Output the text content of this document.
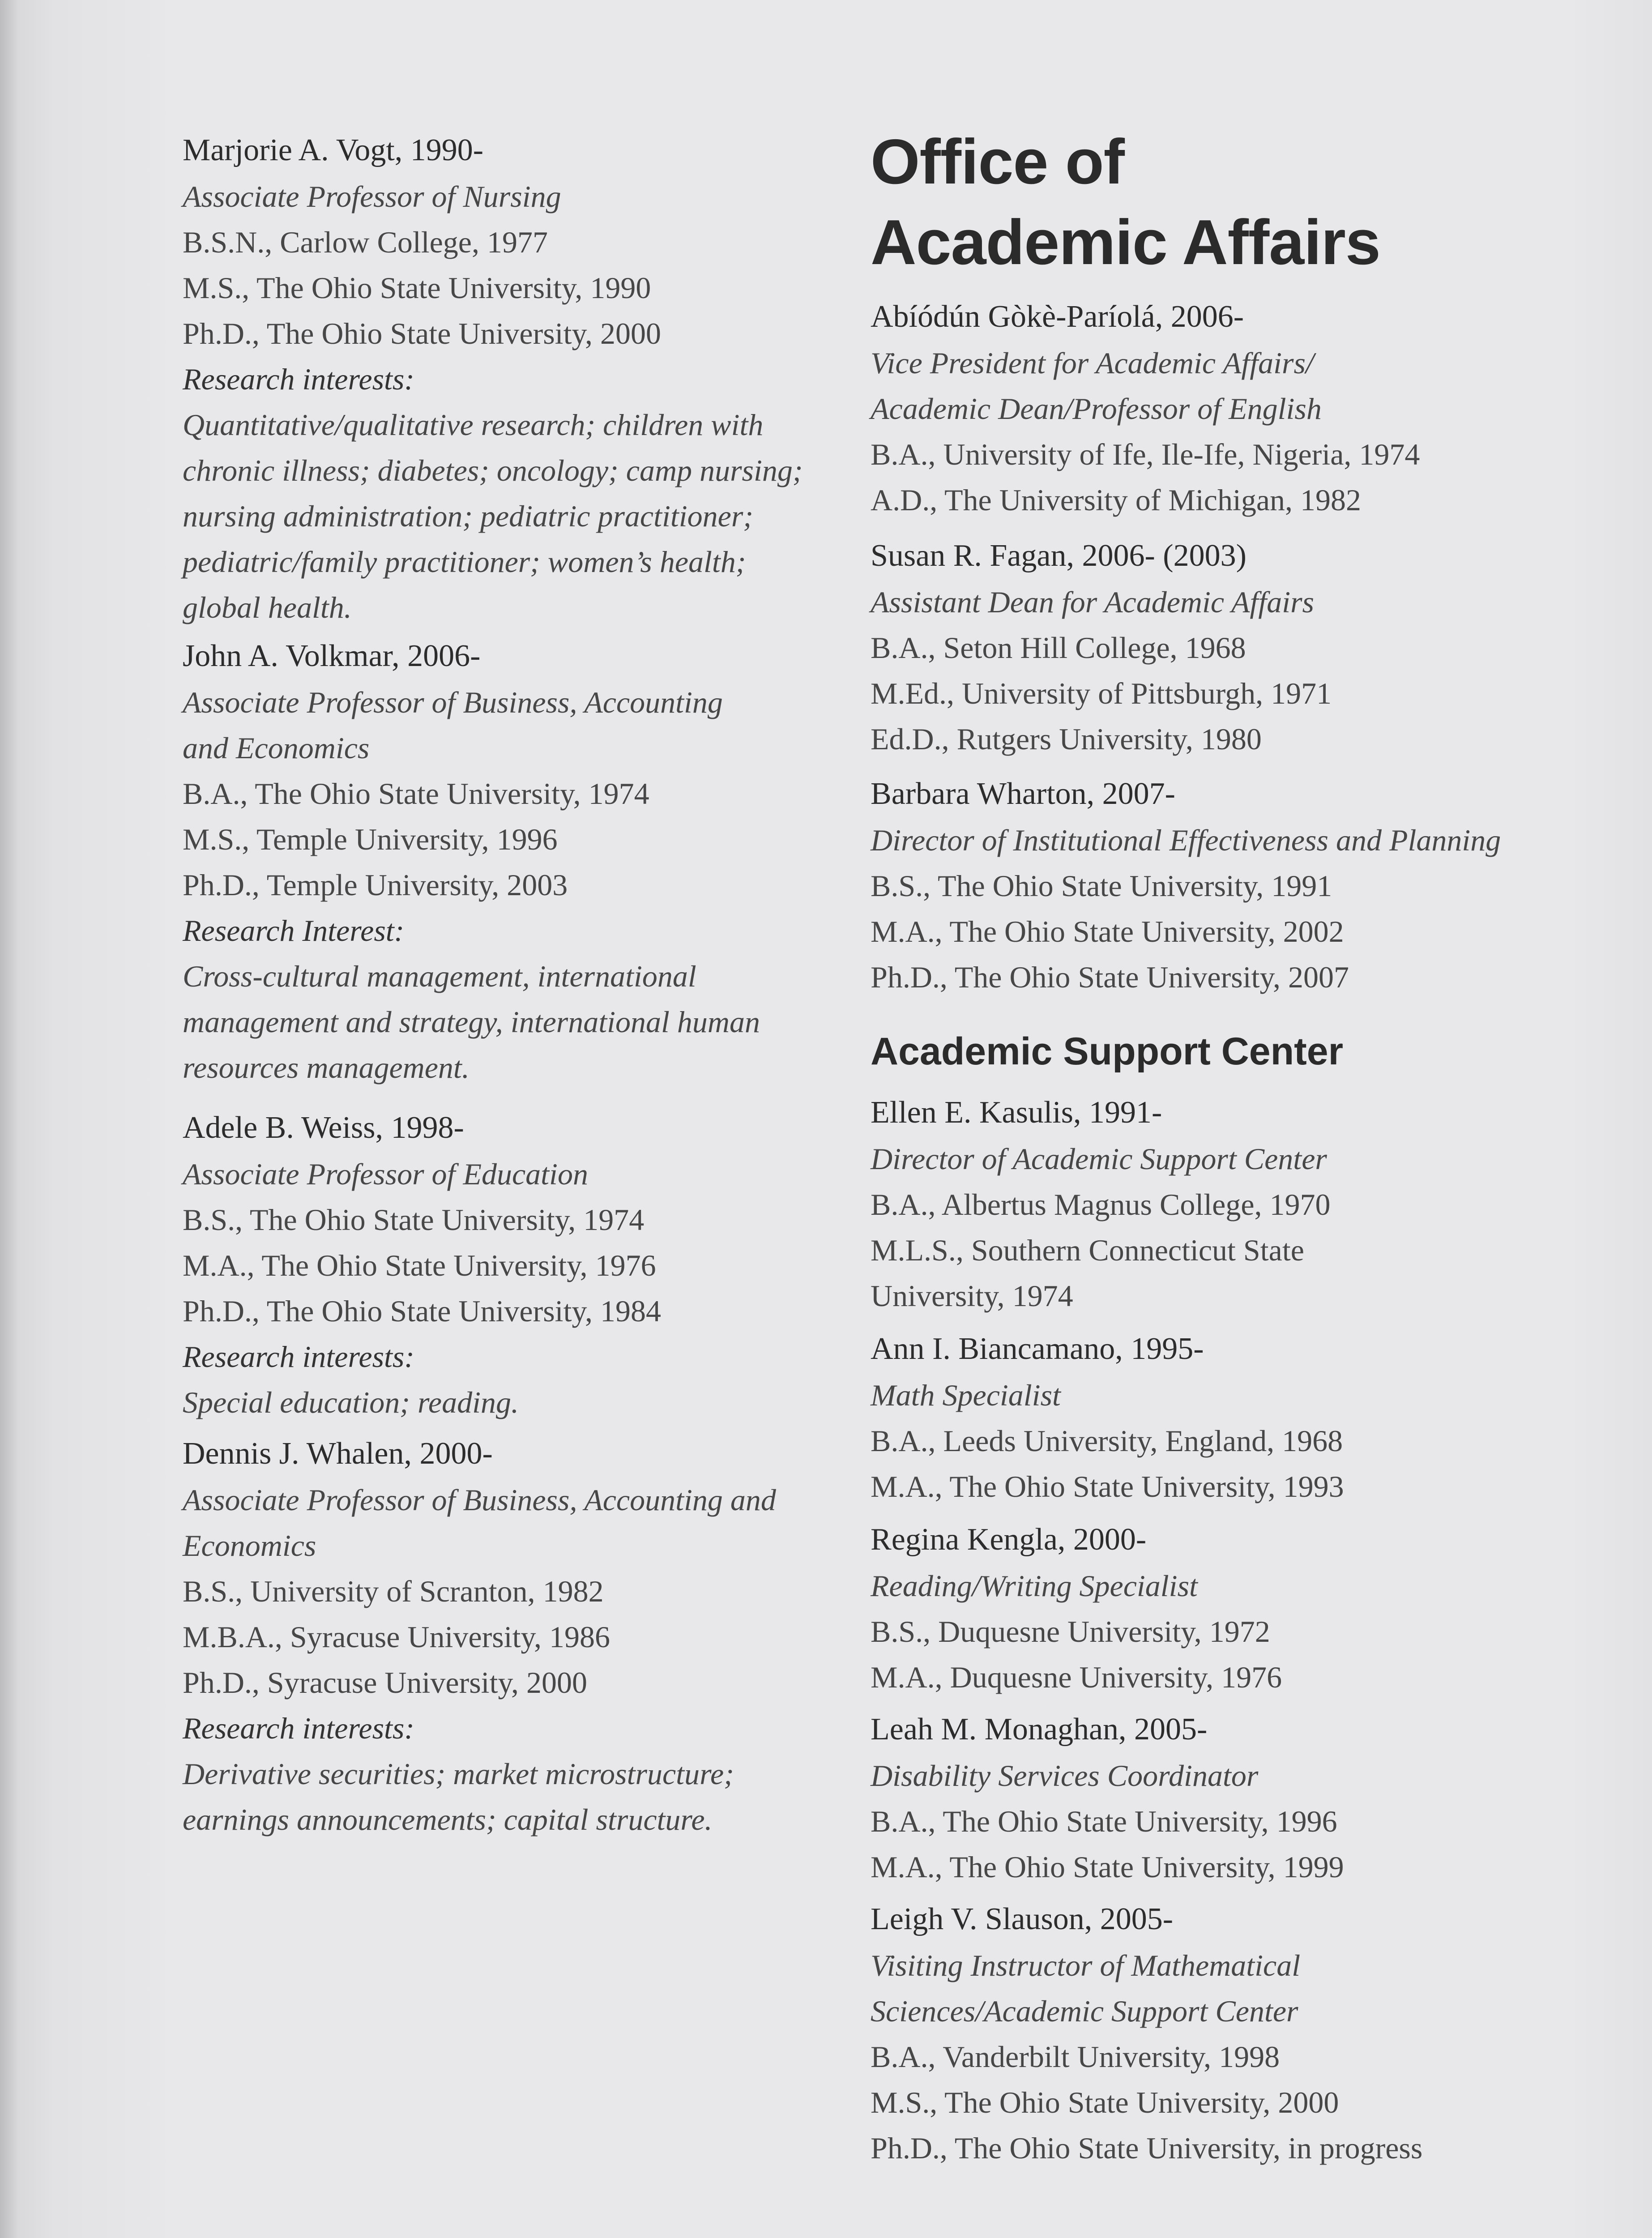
Marjorie A. Vogt, 1990-
Associate Professor of Nursing
B.S.N., Carlow College, 1977
M.S., The Ohio State University, 1990
Ph.D., The Ohio State University, 2000
Research interests:
Quantitative/qualitative research; children with
chronic illness; diabetes; oncology; camp nursing;
nursing administration; pediatric practitioner;
pediatric/family practitioner; women’s health;
global health.
John A. Volkmar, 2006-
Associate Professor of Business, Accounting
and Economics
B.A., The Ohio State University, 1974
M.S., Temple University, 1996
Ph.D., Temple University, 2003
Research Interest:
Cross-cultural management, international
management and strategy, international human
resources management.
Adele B. Weiss, 1998-
Associate Professor of Education
B.S., The Ohio State University, 1974
M.A., The Ohio State University, 1976
Ph.D., The Ohio State University, 1984
Research interests:
Special education; reading.
Dennis J. Whalen, 2000-
Associate Professor of Business, Accounting and
Economics
B.S., University of Scranton, 1982
M.B.A., Syracuse University, 1986
Ph.D., Syracuse University, 2000
Research interests:
Derivative securities; market microstructure;
earnings announcements; capital structure.
Office of
Academic Affairs
Abíódún Gòkè-Paríolá, 2006-
Vice President for Academic Affairs/
Academic Dean/Professor of English
B.A., University of Ife, Ile-Ife, Nigeria, 1974
A.D., The University of Michigan, 1982
Susan R. Fagan, 2006- (2003)
Assistant Dean for Academic Affairs
B.A., Seton Hill College, 1968
M.Ed., University of Pittsburgh, 1971
Ed.D., Rutgers University, 1980
Barbara Wharton, 2007-
Director of Institutional Effectiveness and Planning
B.S., The Ohio State University, 1991
M.A., The Ohio State University, 2002
Ph.D., The Ohio State University, 2007
Academic Support Center
Ellen E. Kasulis, 1991-
Director of Academic Support Center
B.A., Albertus Magnus College, 1970
M.L.S., Southern Connecticut State
University, 1974
Ann I. Biancamano, 1995-
Math Specialist
B.A., Leeds University, England, 1968
M.A., The Ohio State University, 1993
Regina Kengla, 2000-
Reading/Writing Specialist
B.S., Duquesne University, 1972
M.A., Duquesne University, 1976
Leah M. Monaghan, 2005-
Disability Services Coordinator
B.A., The Ohio State University, 1996
M.A., The Ohio State University, 1999
Leigh V. Slauson, 2005-
Visiting Instructor of Mathematical
Sciences/Academic Support Center
B.A., Vanderbilt University, 1998
M.S., The Ohio State University, 2000
Ph.D., The Ohio State University, in progress
